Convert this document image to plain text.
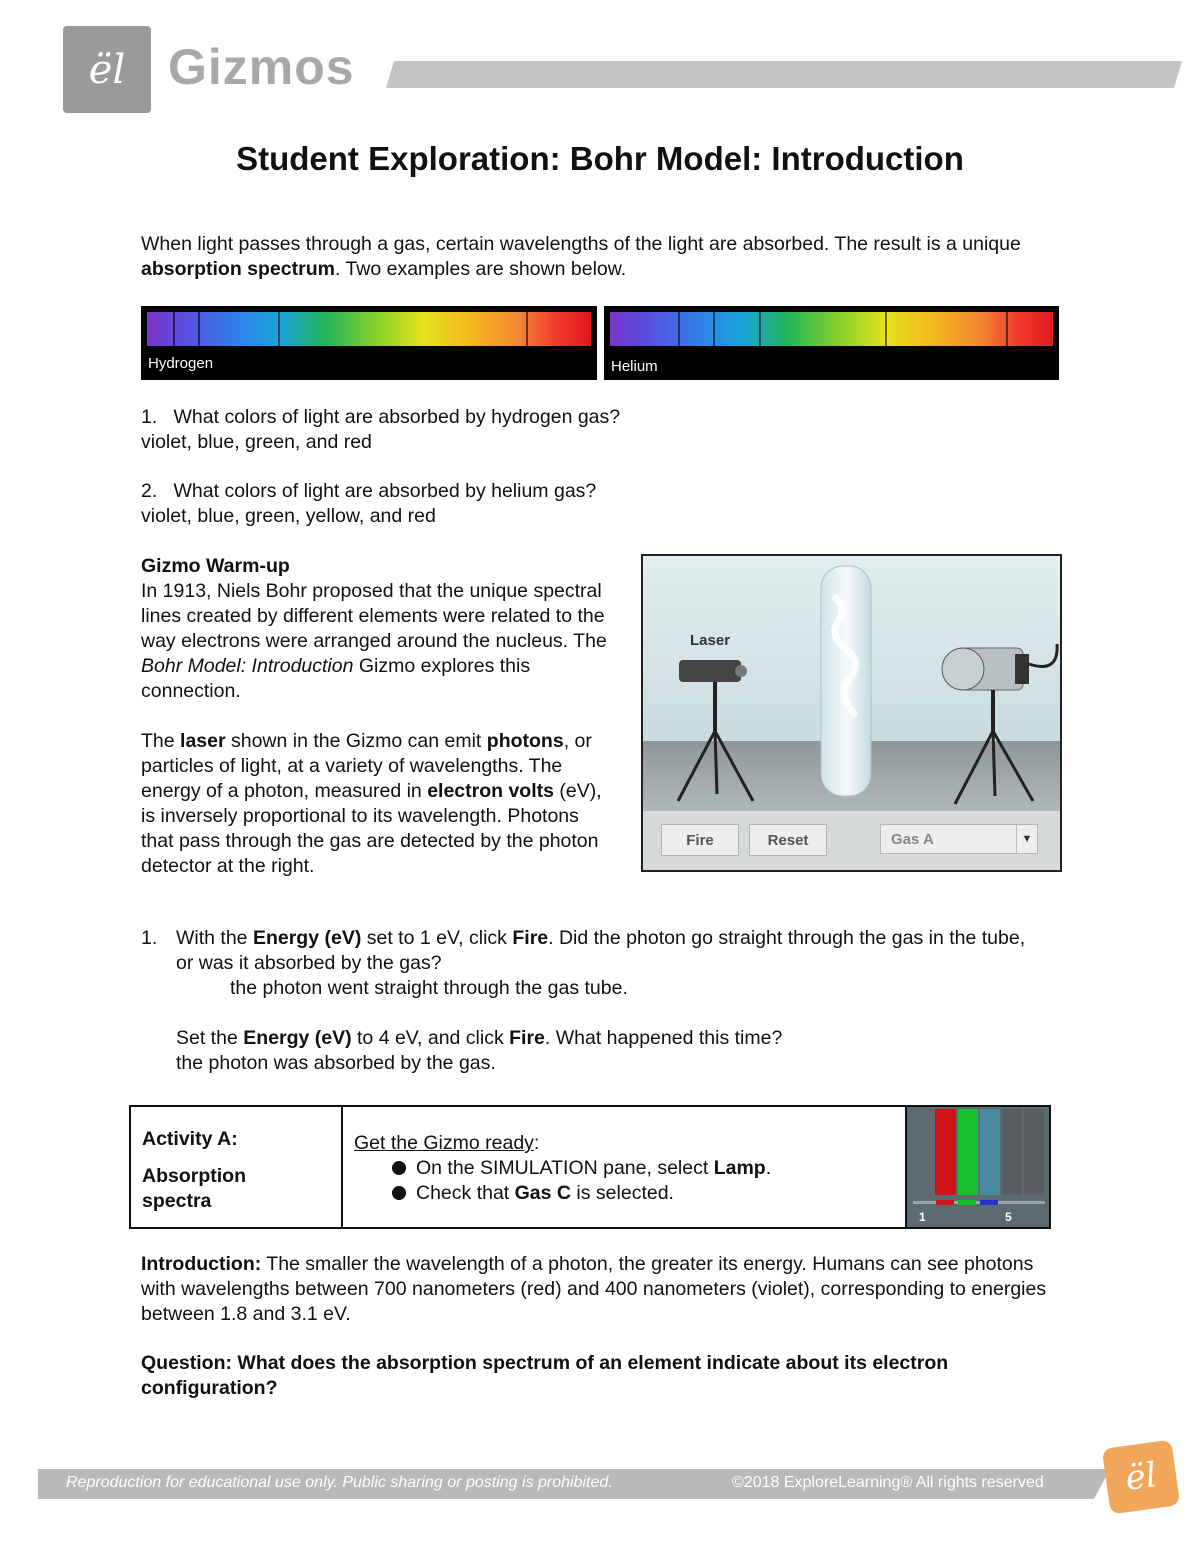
ël Gizmos
Student Exploration: Bohr Model: Introduction
When light passes through a gas, certain wavelengths of the light are absorbed. The result is a unique absorption spectrum. Two examples are shown below.
Hydrogen	Helium
1. What colors of light are absorbed by hydrogen gas?
violet, blue, green, and red
2. What colors of light are absorbed by helium gas?
violet, blue, green, yellow, and red
Gizmo Warm-up
In 1913, Niels Bohr proposed that the unique spectral lines created by different elements were related to the way electrons were arranged around the nucleus. The Bohr Model: Introduction Gizmo explores this connection.
The laser shown in the Gizmo can emit photons, or particles of light, at a variety of wavelengths. The energy of a photon, measured in electron volts (eV), is inversely proportional to its wavelength. Photons that pass through the gas are detected by the photon detector at the right.
Laser
Fire	Reset	Gas A	▼
1. With the Energy (eV) set to 1 eV, click Fire. Did the photon go straight through the gas in the tube, or was it absorbed by the gas?
the photon went straight through the gas tube.
Set the Energy (eV) to 4 eV, and click Fire. What happened this time?
the photon was absorbed by the gas.
Activity A:
Absorption spectra
Get the Gizmo ready:
On the SIMULATION pane, select Lamp.
Check that Gas C is selected.
1	5
Introduction: The smaller the wavelength of a photon, the greater its energy. Humans can see photons with wavelengths between 700 nanometers (red) and 400 nanometers (violet), corresponding to energies between 1.8 and 3.1 eV.
Question: What does the absorption spectrum of an element indicate about its electron configuration?
Reproduction for educational use only. Public sharing or posting is prohibited.	©2018 ExploreLearning® All rights reserved ël
